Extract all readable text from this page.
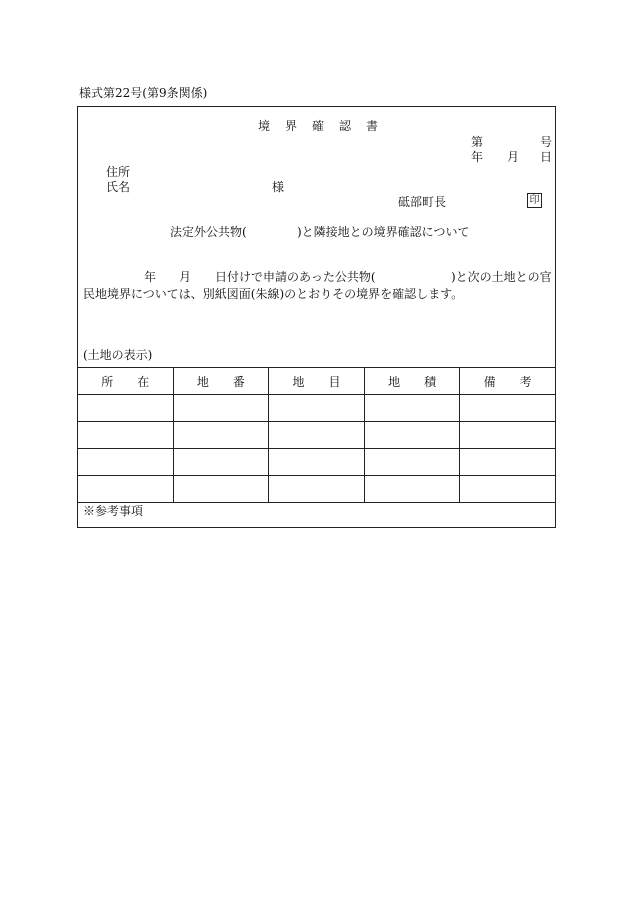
様式第22号(第9条関係)
境界確認書
第	号
年 月 日
住所
氏名	様
砥部町長	印
法定外公共物(	)と隣接地との境界確認について
年 月 日付けで申請のあった公共物(	)と次の土地との官
民地境界については、別紙図面(朱線)のとおりその境界を確認します。
(土地の表示)
所　　在	地　　番	地　　目	地　　積	備　　考

※参考事項
